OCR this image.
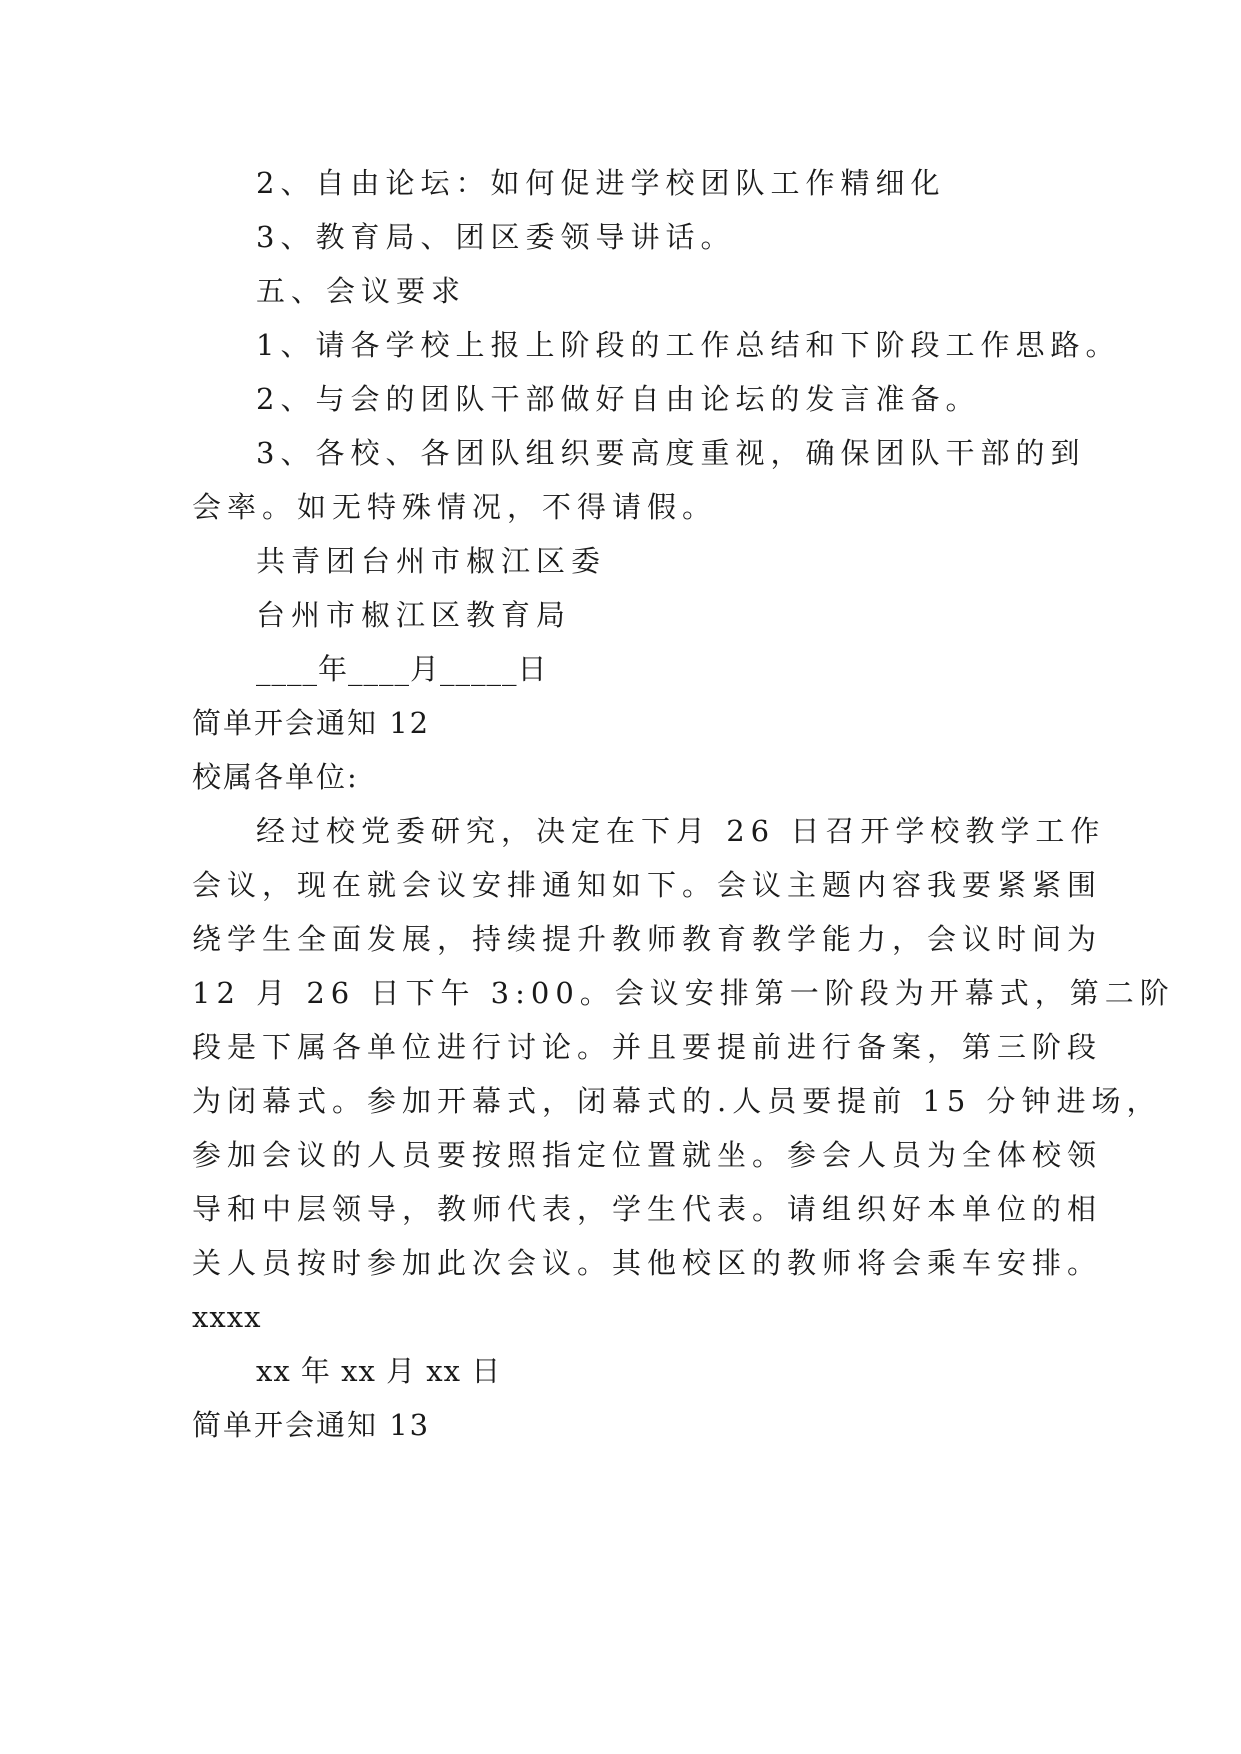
2、自由论坛：如何促进学校团队工作精细化
3、教育局、团区委领导讲话。
五、会议要求
1、请各学校上报上阶段的工作总结和下阶段工作思路。
2、与会的团队干部做好自由论坛的发言准备。
3、各校、各团队组织要高度重视，确保团队干部的到
会率。如无特殊情况，不得请假。
共青团台州市椒江区委
台州市椒江区教育局
____年____月_____日
简单开会通知 12
校属各单位:
经过校党委研究，决定在下月 26 日召开学校教学工作
会议，现在就会议安排通知如下。会议主题内容我要紧紧围
绕学生全面发展，持续提升教师教育教学能力，会议时间为
12 月 26 日下午 3:00。会议安排第一阶段为开幕式，第二阶
段是下属各单位进行讨论。并且要提前进行备案，第三阶段
为闭幕式。参加开幕式，闭幕式的.人员要提前 15 分钟进场，
参加会议的人员要按照指定位置就坐。参会人员为全体校领
导和中层领导，教师代表，学生代表。请组织好本单位的相
关人员按时参加此次会议。其他校区的教师将会乘车安排。
xxxx
xx 年 xx 月 xx 日
简单开会通知 13
